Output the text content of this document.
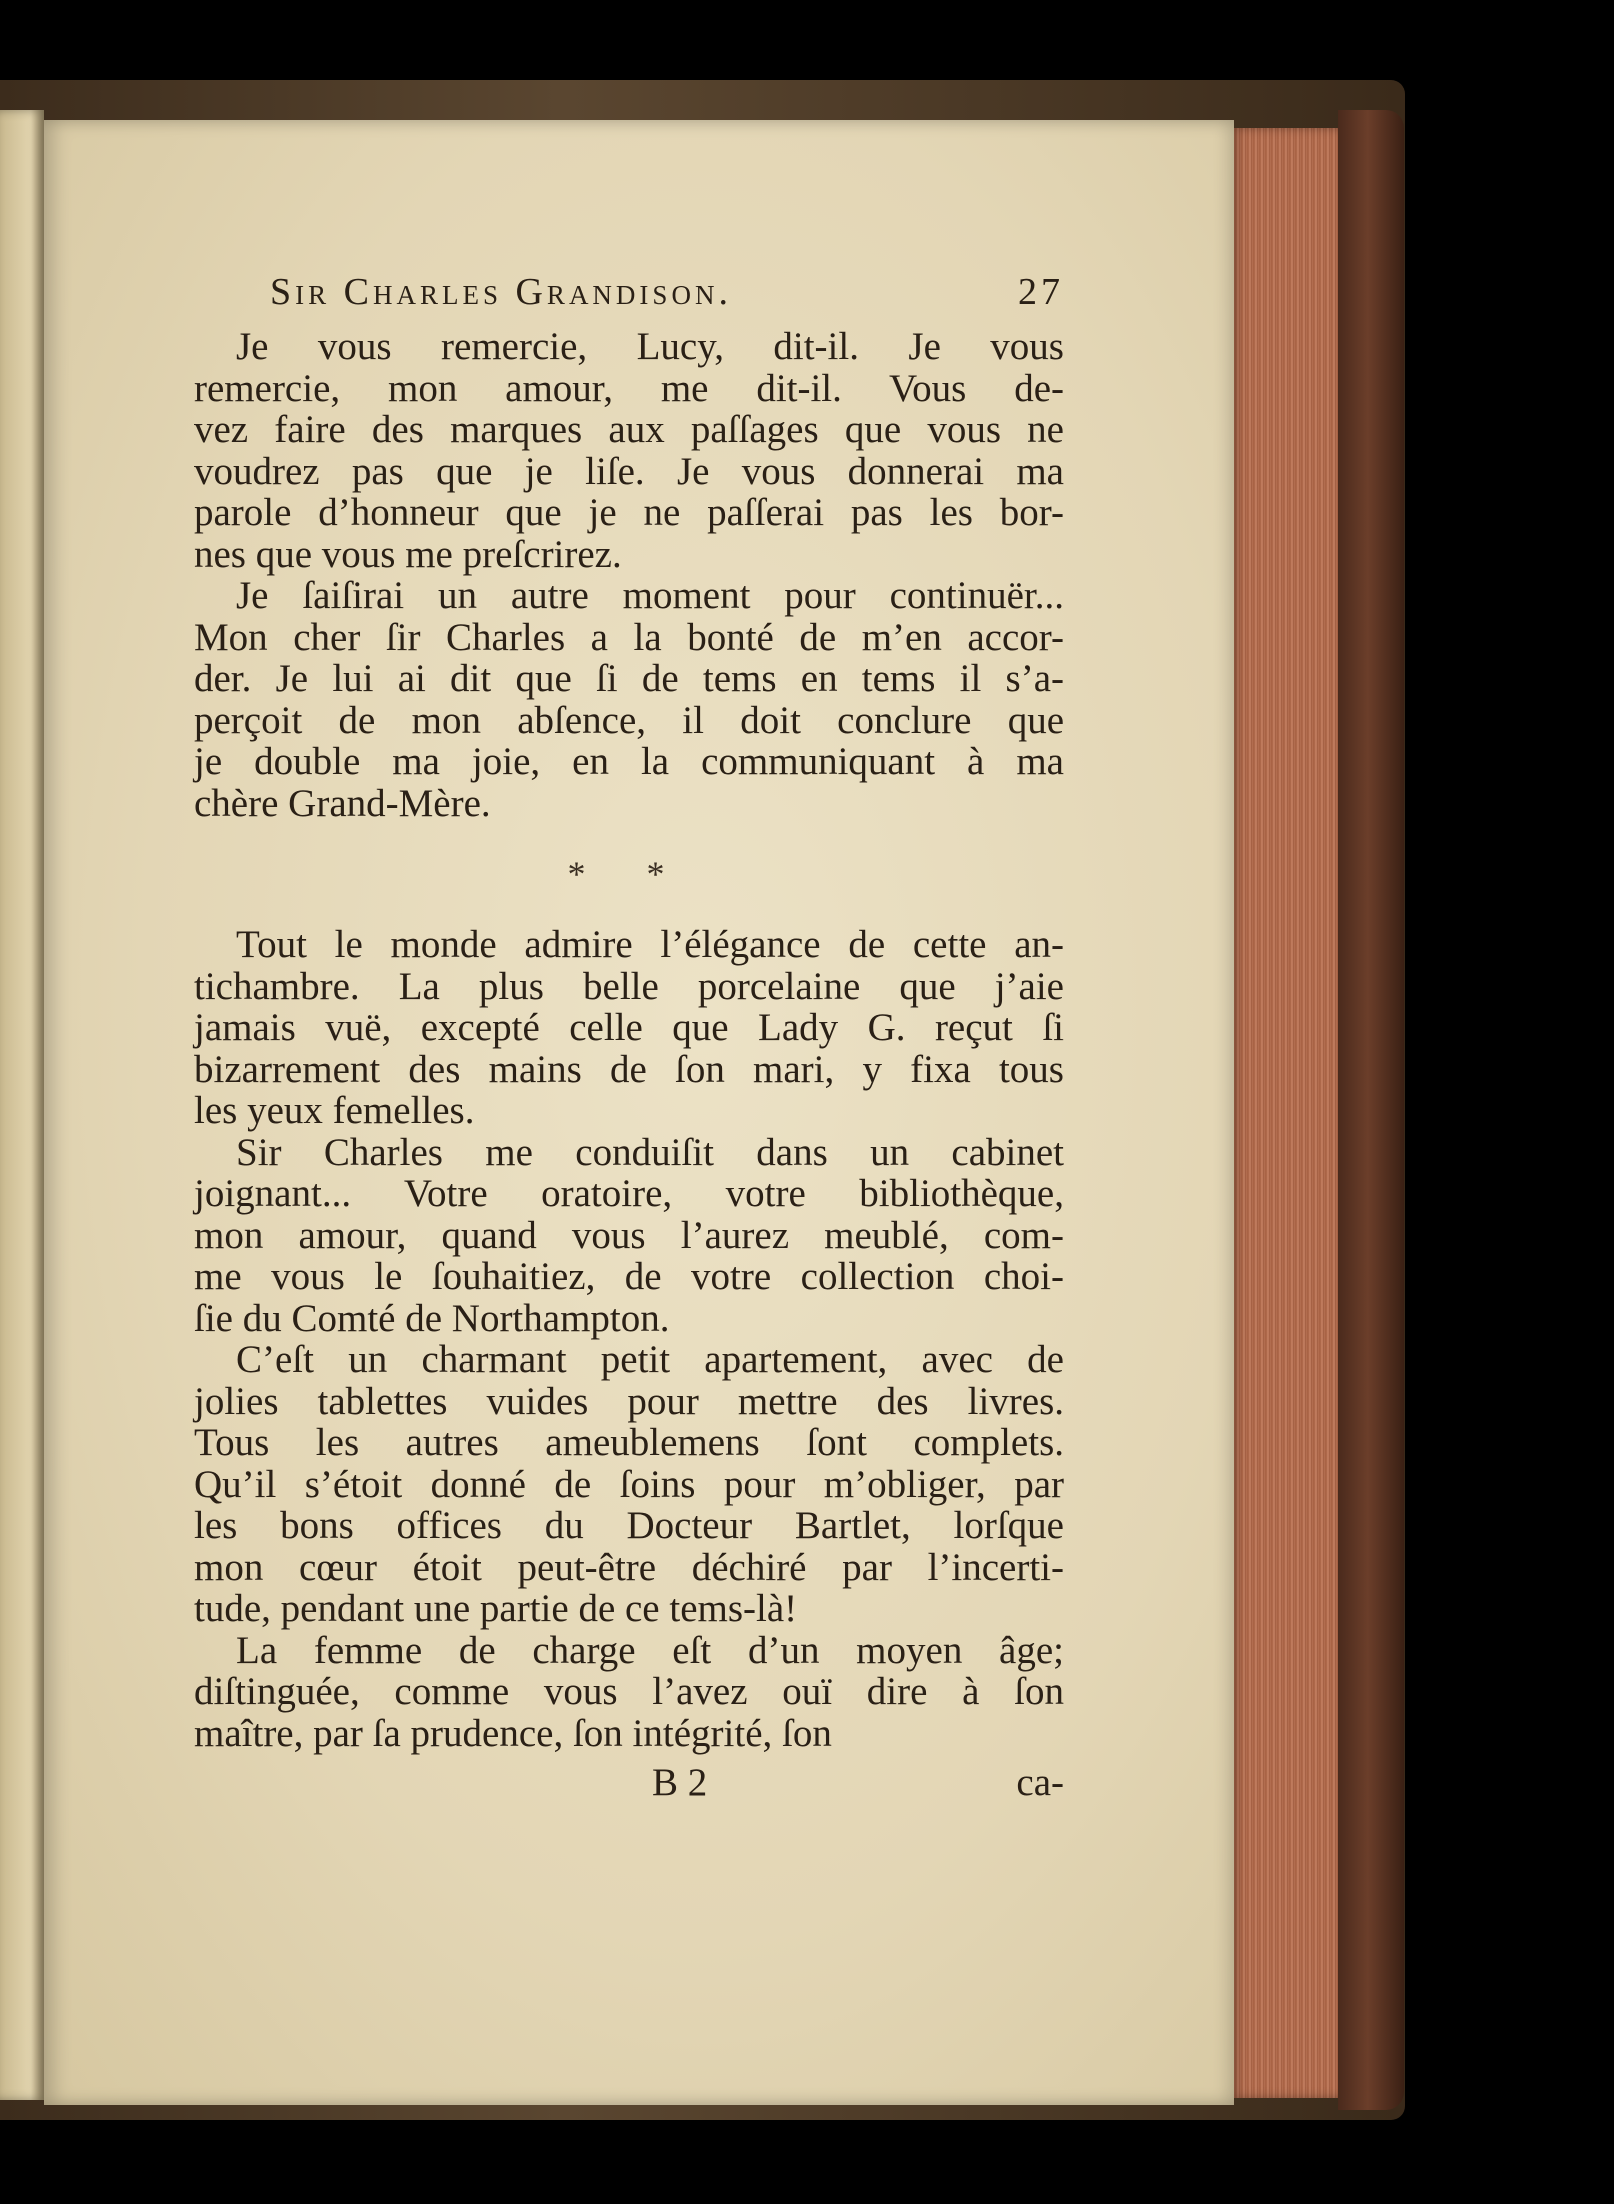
Sir Charles Grandison.	27

Je vous remercie, Lucy, dit-il. Je vous
remercie, mon amour, me dit-il. Vous de-
vez faire des marques aux paſſages que vous ne
voudrez pas que je liſe. Je vous donnerai ma
parole d’honneur que je ne paſſerai pas les bor-
nes que vous me preſcrirez.

Je ſaiſirai un autre moment pour continuër...
Mon cher ſir Charles a la bonté de m’en accor-
der. Je lui ai dit que ſi de tems en tems il s’a-
perçoit de mon abſence, il doit conclure que
je double ma joie, en la communiquant à ma
chère Grand-Mère.

* *

Tout le monde admire l’élégance de cette an-
tichambre. La plus belle porcelaine que j’aie
jamais vuë, excepté celle que Lady G. reçut ſi
bizarrement des mains de ſon mari, y fixa tous
les yeux femelles.

Sir Charles me conduiſit dans un cabinet
joignant... Votre oratoire, votre bibliothèque,
mon amour, quand vous l’aurez meublé, com-
me vous le ſouhaitiez, de votre collection choi-
ſie du Comté de Northampton.

C’eſt un charmant petit apartement, avec de
jolies tablettes vuides pour mettre des livres.
Tous les autres ameublemens ſont complets.
Qu’il s’étoit donné de ſoins pour m’obliger, par
les bons offices du Docteur Bartlet, lorſque
mon cœur étoit peut-être déchiré par l’incerti-
tude, pendant une partie de ce tems-là!

La femme de charge eſt d’un moyen âge;
diſtinguée, comme vous l’avez ouï dire à ſon
maître, par ſa prudence, ſon intégrité, ſon

B 2	ca-
